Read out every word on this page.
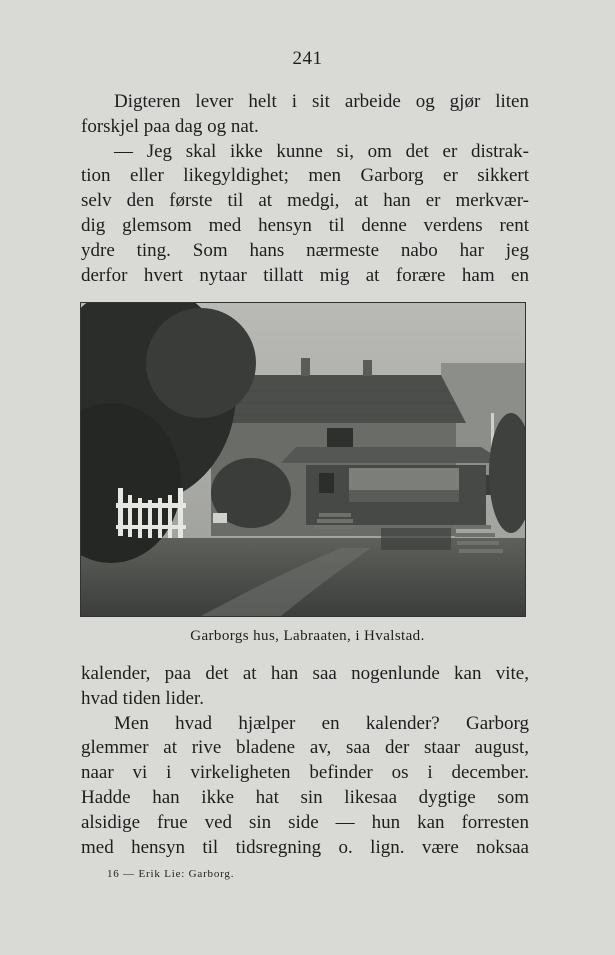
241

Digteren lever helt i sit arbeide og gjør liten
forskjel paa dag og nat.

— Jeg skal ikke kunne si, om det er distrak-
tion eller likegyldighet; men Garborg er sikkert
selv den første til at medgi, at han er merkvær-
dig glemsom med hensyn til denne verdens rent
ydre ting. Som hans nærmeste nabo har jeg
derfor hvert nytaar tillatt mig at forære ham en

Garborgs hus, Labraaten, i Hvalstad.

kalender, paa det at han saa nogenlunde kan vite,
hvad tiden lider.

Men hvad hjælper en kalender? Garborg
glemmer at rive bladene av, saa der staar august,
naar vi i virkeligheten befinder os i december.
Hadde han ikke hat sin likesaa dygtige som
alsidige frue ved sin side — hun kan forresten
med hensyn til tidsregning o. lign. være noksaa

16 — Erik Lie: Garborg.
